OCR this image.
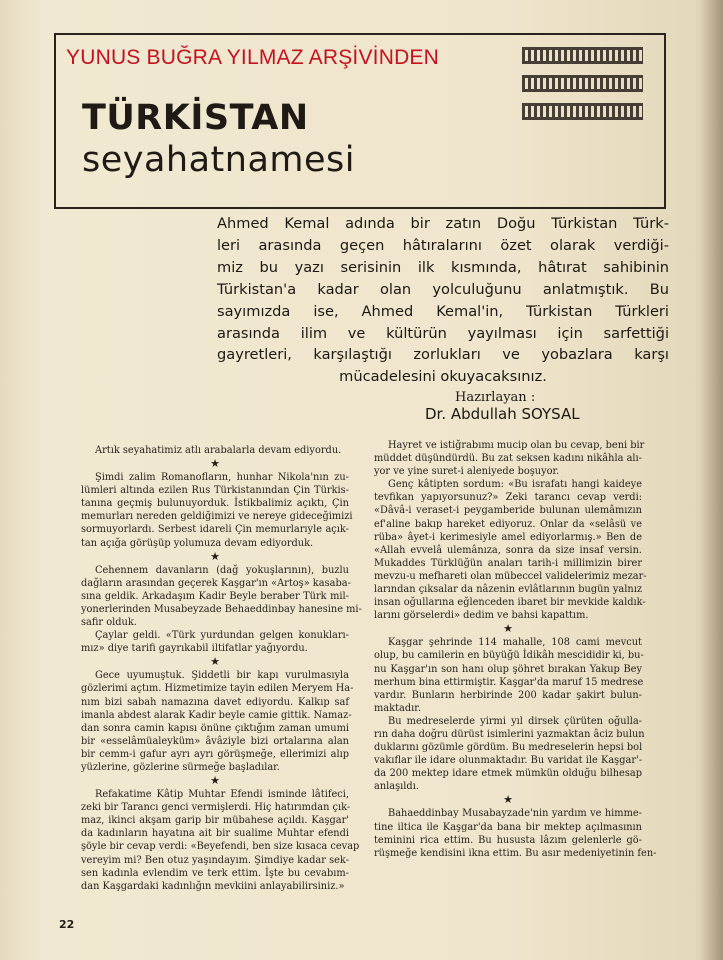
YUNUS BUĞRA YILMAZ ARŞİVİNDEN
TÜRKİSTAN
seyahatnamesi
Ahmed Kemal adında bir zatın Doğu Türkistan Türk-
leri arasında geçen hâtıralarını özet olarak verdiği-
miz bu yazı serisinin ilk kısmında, hâtırat sahibinin
Türkistan'a kadar olan yolculuğunu anlatmıştık. Bu
sayımızda ise, Ahmed Kemal'in, Türkistan Türkleri
arasında ilim ve kültürün yayılması için sarfettiği
gayretleri, karşılaştığı zorlukları ve yobazlara karşı
mücadelesini okuyacaksınız.
Hazırlayan :
Dr. Abdullah SOYSAL
Artık seyahatimiz atlı arabalarla devam ediyordu.
★
Şimdi zalim Romanofların, hunhar Nikola'nın zu-
lümleri altında ezilen Rus Türkistanından Çin Türkis-
tanına geçmiş bulunuyorduk. İstikbalimiz açıktı, Çin
memurları nereden geldiğimizi ve nereye gideceğimizi
sormuyorlardı. Serbest idareli Çin memurlarıyle açık-
tan açığa görüşüp yolumuza devam ediyorduk.
★
Cehennem davanların (dağ yokuşlarının), buzlu
dağların arasından geçerek Kaşgar'ın «Artoş» kasaba-
sına geldik. Arkadaşım Kadir Beyle beraber Türk mil-
yonerlerinden Musabeyzade Behaeddinbay hanesine mi-
safir olduk.
Çaylar geldi. «Türk yurdundan gelgen konukları-
mız» diye tarifi gayrıkabil iltifatlar yağıyordu.
★
Gece uyumuştuk. Şiddetli bir kapı vurulmasıyla
gözlerimi açtım. Hizmetimize tayin edilen Meryem Ha-
nım bizi sabah namazına davet ediyordu. Kalkıp saf
imanla abdest alarak Kadir beyle camie gittik. Namaz-
dan sonra camin kapısı önüne çıktığım zaman umumi
bir «esselâmüaleyküm» âvâziyle bizi ortalarına alan
bir cemm-i gafur ayrı ayrı görüşmeğe, ellerimizi alıp
yüzlerine, gözlerine sürmeğe başladılar.
★
Refakatime Kâtip Muhtar Efendi isminde lâtifeci,
zeki bir Tarancı genci vermişlerdi. Hiç hatırımdan çık-
maz, ikinci akşam garip bir mübahese açıldı. Kaşgar'
da kadınların hayatına ait bir sualime Muhtar efendi
şöyle bir cevap verdi: «Beyefendi, ben size kısaca cevap
vereyim mi? Ben otuz yaşındayım. Şimdiye kadar sek-
sen kadınla evlendim ve terk ettim. İşte bu cevabım-
dan Kaşgardaki kadınlığın mevkiini anlayabilirsiniz.»
Hayret ve istiğrabımı mucip olan bu cevap, beni bir
müddet düşündürdü. Bu zat seksen kadını nikâhla alı-
yor ve yine suret-i aleniyede boşuyor.
Genç kâtipten sordum: «Bu israfatı hangi kaideye
tevfikan yapıyorsunuz?» Zeki tarancı cevap verdi:
«Dâvâ-i veraset-i peygamberide bulunan ulemâmızın
ef'aline bakıp hareket ediyoruz. Onlar da «selâsü ve
rüba» âyet-i kerimesiyle amel ediyorlarmış.» Ben de
«Allah evvelâ ulemânıza, sonra da size insaf versin.
Mukaddes Türklüğün anaları tarih-i millimizin birer
mevzu-u mefhareti olan mübeccel validelerimiz mezar-
larından çıksalar da nâzenin evlâtlarının bugün yalnız
insan oğullarına eğlenceden ibaret bir mevkide kaldık-
larını görselerdi» dedim ve bahsi kapattım.
★
Kaşgar şehrinde 114 mahalle, 108 cami mevcut
olup, bu camilerin en büyüğü İdikâh mescididir ki, bu-
nu Kaşgar'ın son hanı olup şöhret bırakan Yakup Bey
merhum bina ettirmiştir. Kaşgar'da maruf 15 medrese
vardır. Bunların herbirinde 200 kadar şakirt bulun-
maktadır.
Bu medreselerde yirmi yıl dirsek çürüten oğulla-
rın daha doğru dürüst isimlerini yazmaktan âciz bulun
duklarını gözümle gördüm. Bu medreselerin hepsi bol
vakıflar ile idare olunmaktadır. Bu varidat ile Kaşgar'-
da 200 mektep idare etmek mümkün olduğu bilhesap
anlaşıldı.
★
Bahaeddinbay Musabayzade'nin yardım ve himme-
tine iltica ile Kaşgar'da bana bir mektep açılmasının
teminini rica ettim. Bu hususta lâzım gelenlerle gö-
rüşmeğe kendisini ikna ettim. Bu asır medeniyetinin fen-
22
